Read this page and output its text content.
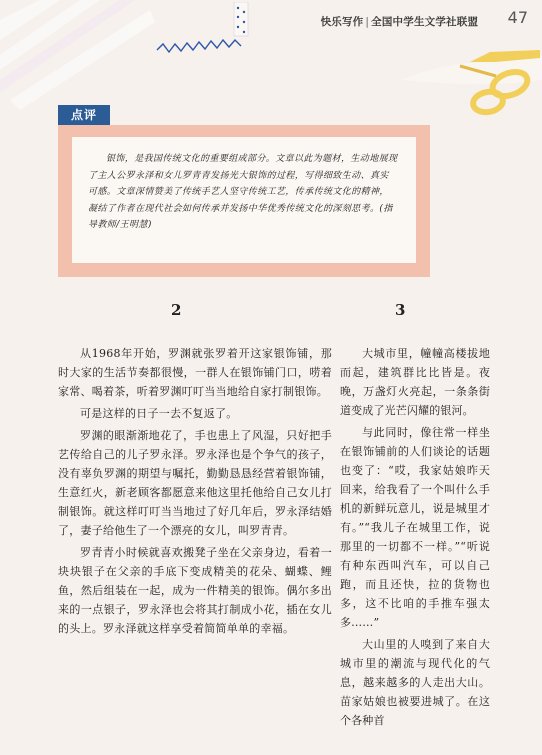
快乐写作 | 全国中学生文学社联盟	47
点评

银饰，是我国传统文化的重要组成部分。文章以此为题材，生动地展现了主人公罗永泽和女儿罗青青发扬光大银饰的过程，写得细致生动、真实可感。文章深情赞美了传统手艺人坚守传统工艺，传承传统文化的精神，凝结了作者在现代社会如何传承并发扬中华优秀传统文化的深刻思考。(指导教师/王明慧)

2	3

从1968年开始，罗渊就张罗着开这家银饰铺，那时大家的生活节奏都很慢，一群人在银饰铺门口，唠着家常、喝着茶，听着罗渊叮叮当当地给自家打制银饰。

可是这样的日子一去不复返了。

罗渊的眼渐渐地花了，手也患上了风湿，只好把手艺传给自己的儿子罗永泽。罗永泽也是个争气的孩子，没有辜负罗渊的期望与嘱托，勤勤恳恳经营着银饰铺，生意红火，新老顾客都愿意来他这里托他给自己女儿打制银饰。就这样叮叮当当地过了好几年后，罗永泽结婚了，妻子给他生了一个漂亮的女儿，叫罗青青。

罗青青小时候就喜欢搬凳子坐在父亲身边，看着一块块银子在父亲的手底下变成精美的花朵、蝴蝶、鲤鱼，然后组装在一起，成为一件精美的银饰。偶尔多出来的一点银子，罗永泽也会将其打制成小花，插在女儿的头上。罗永泽就这样享受着简简单单的幸福。

大城市里，幢幢高楼拔地而起，建筑群比比皆是。夜晚，万盏灯火亮起，一条条街道变成了光芒闪耀的银河。

与此同时，像往常一样坐在银饰铺前的人们谈论的话题也变了：“哎，我家姑娘昨天回来，给我看了一个叫什么手机的新鲜玩意儿，说是城里才有。”“我儿子在城里工作，说那里的一切都不一样。”“听说有种东西叫汽车，可以自己跑，而且还快，拉的货物也多，这不比咱的手推车强太多……”

大山里的人嗅到了来自大城市里的潮流与现代化的气息，越来越多的人走出大山。苗家姑娘也被要进城了。在这个各种首
